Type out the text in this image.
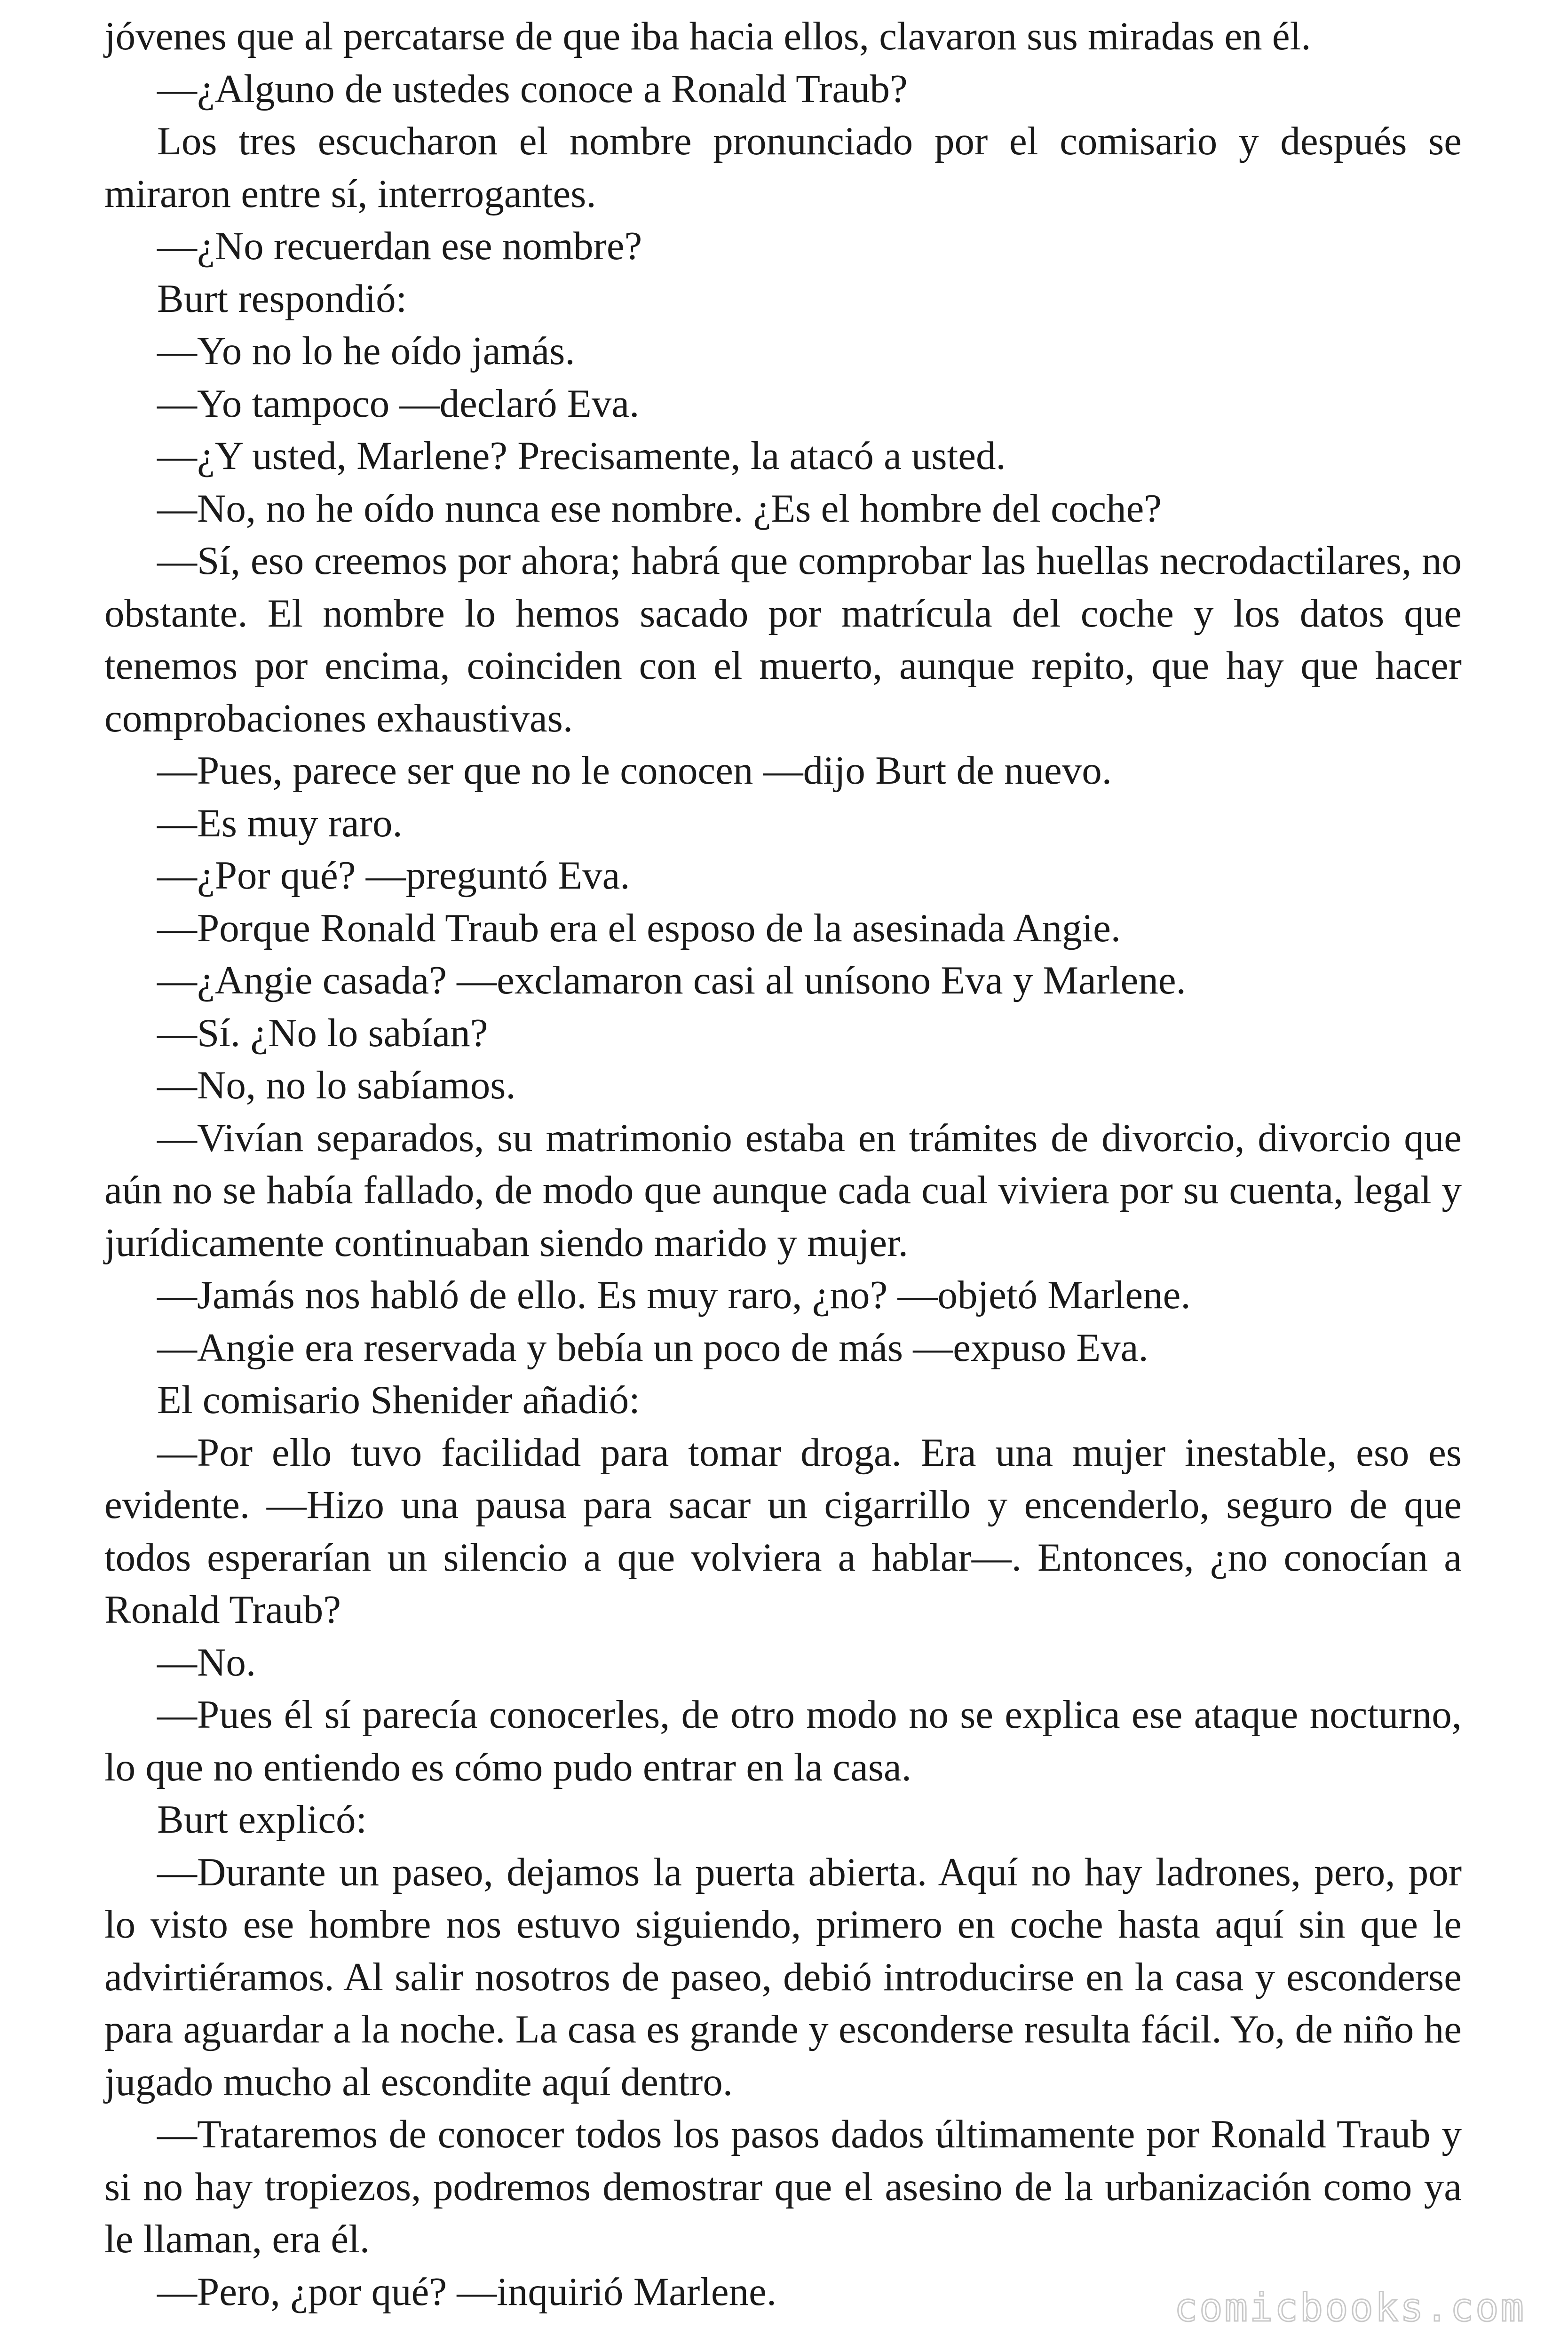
jóvenes que al percatarse de que iba hacia ellos, clavaron sus miradas en él.

—¿Alguno de ustedes conoce a Ronald Traub?

Los tres escucharon el nombre pronunciado por el comisario y después se miraron entre sí, interrogantes.

—¿No recuerdan ese nombre?

Burt respondió:

—Yo no lo he oído jamás.

—Yo tampoco —declaró Eva.

—¿Y usted, Marlene? Precisamente, la atacó a usted.

—No, no he oído nunca ese nombre. ¿Es el hombre del coche?

—Sí, eso creemos por ahora; habrá que comprobar las huellas necrodactilares, no obstante. El nombre lo hemos sacado por matrícula del coche y los datos que tenemos por encima, coinciden con el muerto, aunque repito, que hay que hacer comprobaciones exhaustivas.

—Pues, parece ser que no le conocen —dijo Burt de nuevo.

—Es muy raro.

—¿Por qué? —preguntó Eva.

—Porque Ronald Traub era el esposo de la asesinada Angie.

—¿Angie casada? —exclamaron casi al unísono Eva y Marlene.

—Sí. ¿No lo sabían?

—No, no lo sabíamos.

—Vivían separados, su matrimonio estaba en trámites de divorcio, divorcio que aún no se había fallado, de modo que aunque cada cual viviera por su cuenta, legal y jurídicamente continuaban siendo marido y mujer.

—Jamás nos habló de ello. Es muy raro, ¿no? —objetó Marlene.

—Angie era reservada y bebía un poco de más —expuso Eva.

El comisario Shenider añadió:

—Por ello tuvo facilidad para tomar droga. Era una mujer inestable, eso es evidente. —Hizo una pausa para sacar un cigarrillo y encenderlo, seguro de que todos esperarían un silencio a que volviera a hablar—. Entonces, ¿no conocían a Ronald Traub?

—No.

—Pues él sí parecía conocerles, de otro modo no se explica ese ataque nocturno, lo que no entiendo es cómo pudo entrar en la casa.

Burt explicó:

—Durante un paseo, dejamos la puerta abierta. Aquí no hay ladrones, pero, por lo visto ese hombre nos estuvo siguiendo, primero en coche hasta aquí sin que le advirtiéramos. Al salir nosotros de paseo, debió introducirse en la casa y esconderse para aguardar a la noche. La casa es grande y esconderse resulta fácil. Yo, de niño he jugado mucho al escondite aquí dentro.

—Trataremos de conocer todos los pasos dados últimamente por Ronald Traub y si no hay tropiezos, podremos demostrar que el asesino de la urbanización como ya le llaman, era él.

—Pero, ¿por qué? —inquirió Marlene.	comicbooks.com
